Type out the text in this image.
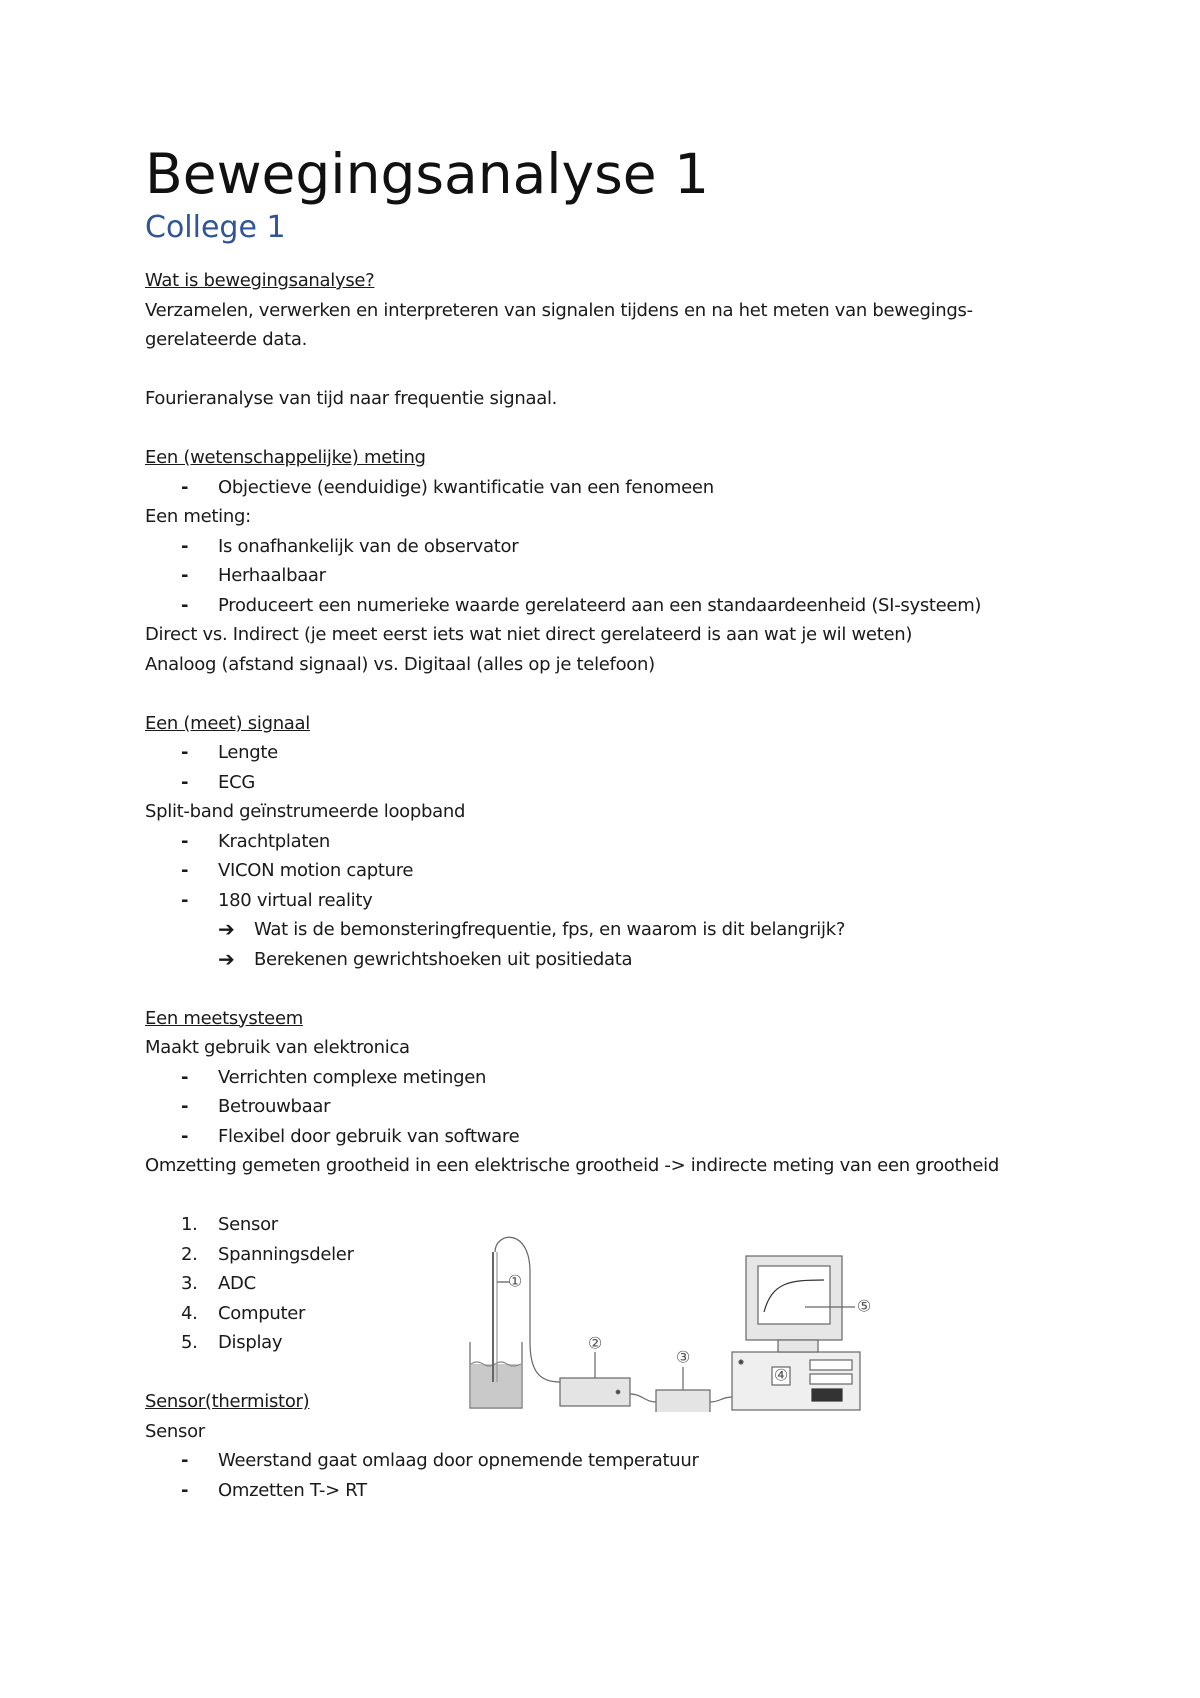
Bewegingsanalyse 1
College 1
Wat is bewegingsanalyse?
Verzamelen, verwerken en interpreteren van signalen tijdens en na het meten van bewegings-
gerelateerde data.
Fourieranalyse van tijd naar frequentie signaal.
Een (wetenschappelijke) meting
- Objectieve (eenduidige) kwantificatie van een fenomeen
Een meting:
- Is onafhankelijk van de observator
- Herhaalbaar
- Produceert een numerieke waarde gerelateerd aan een standaardeenheid (SI-systeem)
Direct vs. Indirect (je meet eerst iets wat niet direct gerelateerd is aan wat je wil weten)
Analoog (afstand signaal) vs. Digitaal (alles op je telefoon)
Een (meet) signaal
- Lengte
- ECG
Split-band geïnstrumeerde loopband
- Krachtplaten
- VICON motion capture
- 180 virtual reality
➔ Wat is de bemonsteringfrequentie, fps, en waarom is dit belangrijk?
➔ Berekenen gewrichtshoeken uit positiedata
Een meetsysteem
Maakt gebruik van elektronica
- Verrichten complexe metingen
- Betrouwbaar
- Flexibel door gebruik van software
Omzetting gemeten grootheid in een elektrische grootheid -> indirecte meting van een grootheid
1. Sensor
2. Spanningsdeler
3. ADC
4. Computer
5. Display
Sensor(thermistor)
Sensor
- Weerstand gaat omlaag door opnemende temperatuur
- Omzetten T-> RT
①
②
③
④
⑤
